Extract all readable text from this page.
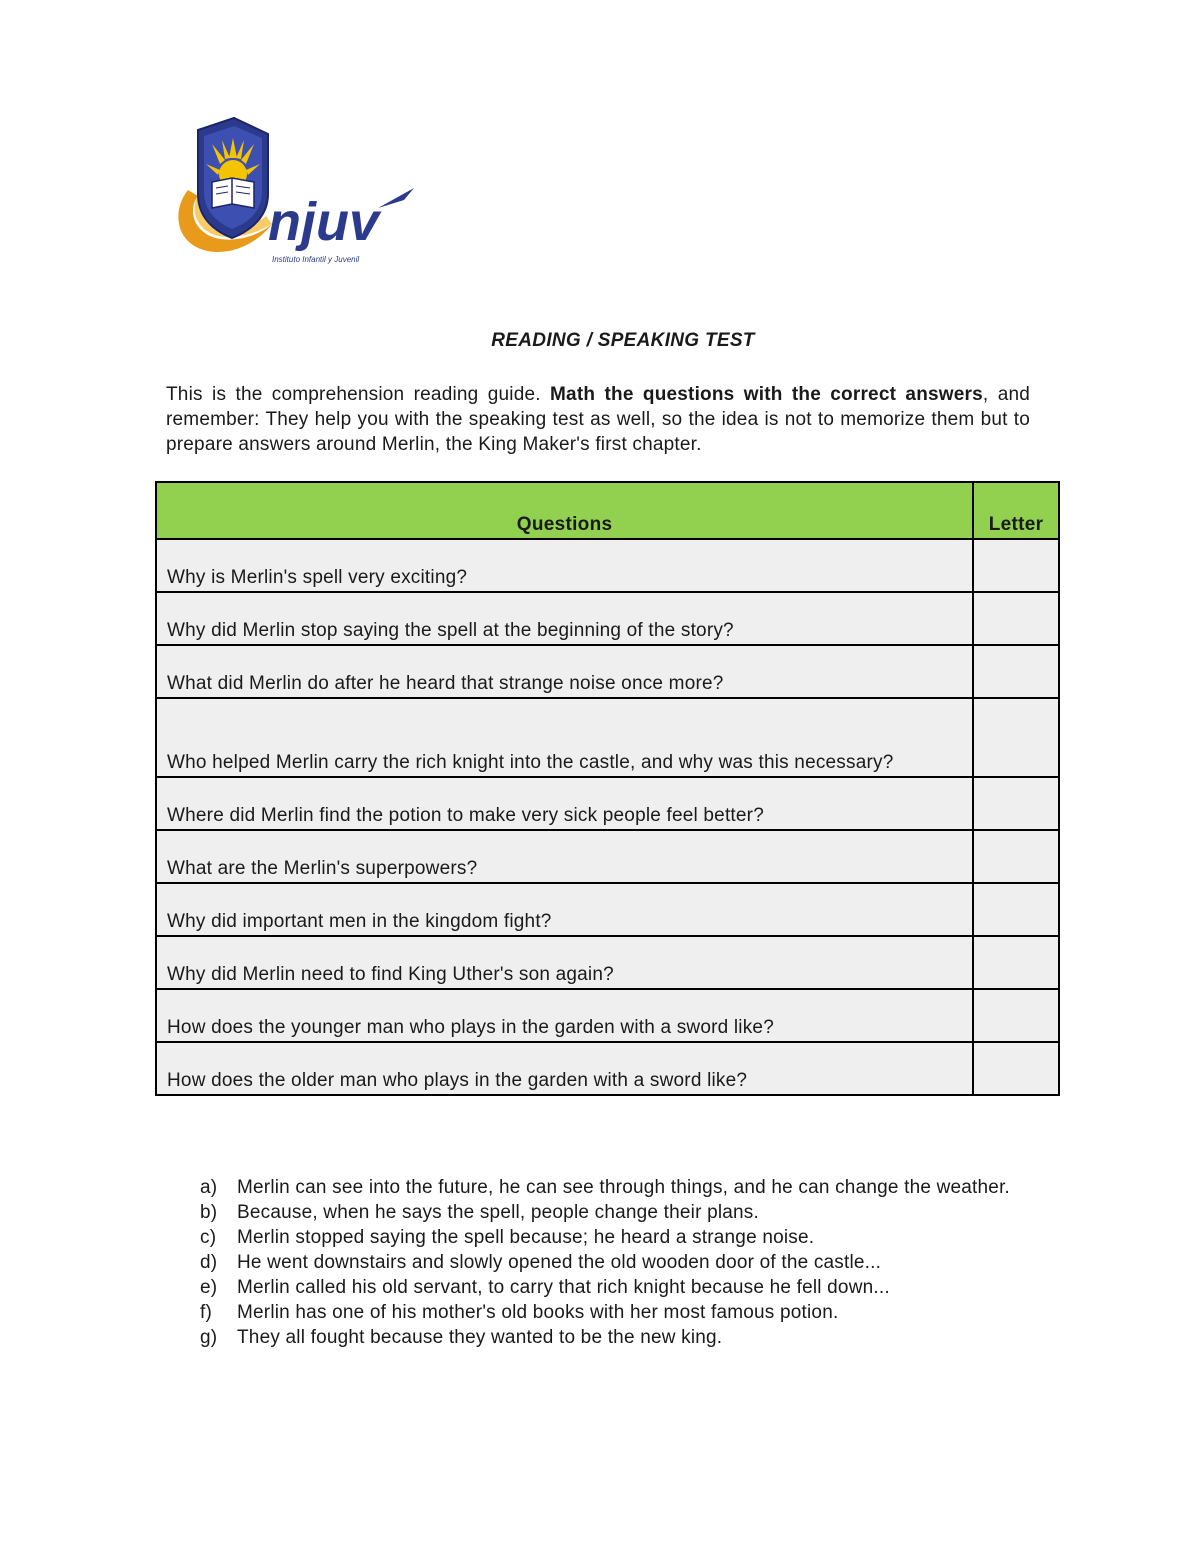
njuv
Instituto Infantil y Juvenil
READING / SPEAKING TEST

This is the comprehension reading guide. Math the questions with the correct answers, and remember: They help you with the speaking test as well, so the idea is not to memorize them but to prepare answers around Merlin, the King Maker's first chapter.

Questions	Letter
Why is Merlin's spell very exciting?	
Why did Merlin stop saying the spell at the beginning of the story?	
What did Merlin do after he heard that strange noise once more?	
Who helped Merlin carry the rich knight into the castle, and why was this necessary?	
Where did Merlin find the potion to make very sick people feel better?	
What are the Merlin's superpowers?	
Why did important men in the kingdom fight?	
Why did Merlin need to find King Uther's son again?	
How does the younger man who plays in the garden with a sword like?	
How does the older man who plays in the garden with a sword like?	
a)	Merlin can see into the future, he can see through things, and he can change the weather.
b)	Because, when he says the spell, people change their plans.
c)	Merlin stopped saying the spell because; he heard a strange noise.
d)	He went downstairs and slowly opened the old wooden door of the castle...
e)	Merlin called his old servant, to carry that rich knight because he fell down...
f)	Merlin has one of his mother's old books with her most famous potion.
g)	They all fought because they wanted to be the new king.
